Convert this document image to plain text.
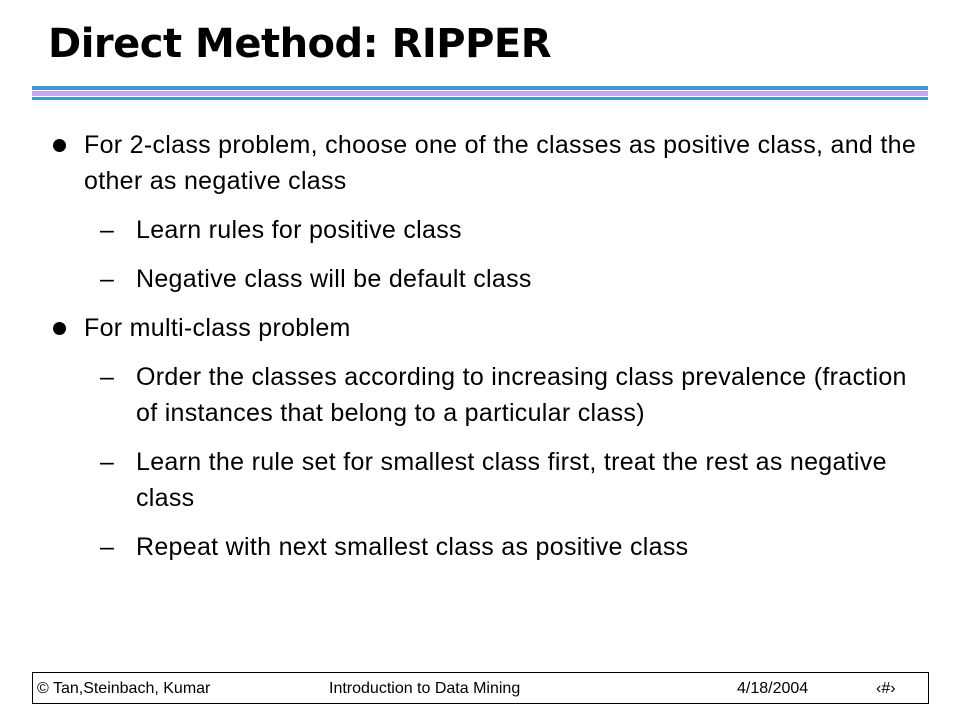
Direct Method: RIPPER
For 2-class problem, choose one of the classes as positive class, and the other as negative class
– Learn rules for positive class
– Negative class will be default class
For multi-class problem
– Order the classes according to increasing class prevalence (fraction of instances that belong to a particular class)
– Learn the rule set for smallest class first, treat the rest as negative class
– Repeat with next smallest class as positive class
© Tan,Steinbach, Kumar	Introduction to Data Mining	4/18/2004	‹#›
